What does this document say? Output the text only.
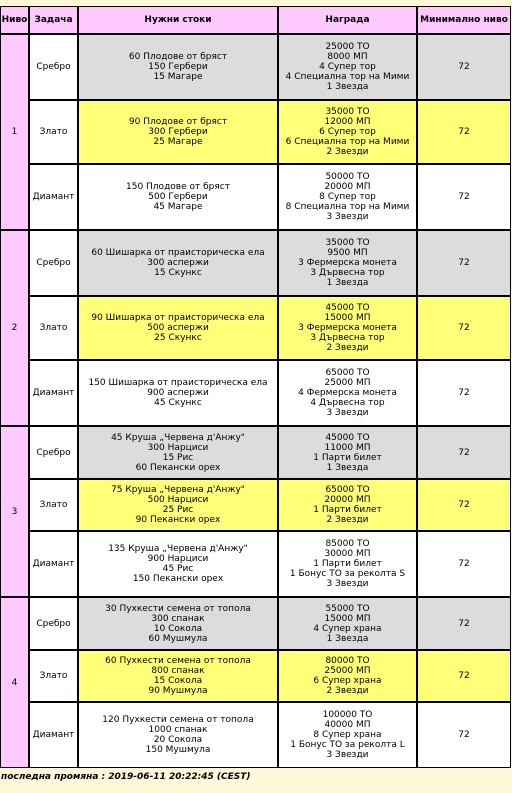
Ниво	Задача	Нужни стоки	Награда	Минимално ниво
1	Сребро	60 Плодове от бряст
150 Гербери
15 Магаре	25000 ТО
8000 МП
4 Супер тор
4 Специална тор на Мими
1 Звезда	72
	Злато	90 Плодове от бряст
300 Гербери
25 Магаре	35000 ТО
12000 МП
6 Супер тор
6 Специална тор на Мими
2 Звезди	72
	Диамант	150 Плодове от бряст
500 Гербери
45 Магаре	50000 ТО
20000 МП
8 Супер тор
8 Специална тор на Мими
3 Звезди	72
2	Сребро	60 Шишарка от праисторическа ела
300 аспержи
15 Скункс	35000 ТО
9500 МП
3 Фермерска монета
3 Дървесна тор
1 Звезда	72
	Злато	90 Шишарка от праисторическа ела
500 аспержи
25 Скункс	45000 ТО
15000 МП
3 Фермерска монета
3 Дървесна тор
2 Звезди	72
	Диамант	150 Шишарка от праисторическа ела
900 аспержи
45 Скункс	65000 ТО
25000 МП
4 Фермерска монета
4 Дървесна тор
3 Звезди	72
3	Сребро	45 Круша „Червена д'Анжу"
300 Нарциси
15 Рис
60 Пекански орех	45000 ТО
11000 МП
1 Парти билет
1 Звезда	72
	Злато	75 Круша „Червена д'Анжу"
500 Нарциси
25 Рис
90 Пекански орех	65000 ТО
20000 МП
1 Парти билет
2 Звезди	72
	Диамант	135 Круша „Червена д'Анжу"
900 Нарциси
45 Рис
150 Пекански орех	85000 ТО
30000 МП
1 Парти билет
1 Бонус ТО за реколта S
3 Звезди	72
4	Сребро	30 Пухкести семена от топола
300 спанак
10 Сокола
60 Мушмула	55000 ТО
15000 МП
4 Супер храна
1 Звезда	72
	Злато	60 Пухкести семена от топола
800 спанак
15 Сокола
90 Мушмула	80000 ТО
25000 МП
6 Супер храна
2 Звезди	72
	Диамант	120 Пухкести семена от топола
1000 спанак
20 Сокола
150 Мушмула	100000 ТО
40000 МП
8 Супер храна
1 Бонус ТО за реколта L
3 Звезди	72
последна промяна : 2019-06-11 20:22:45 (CEST)
